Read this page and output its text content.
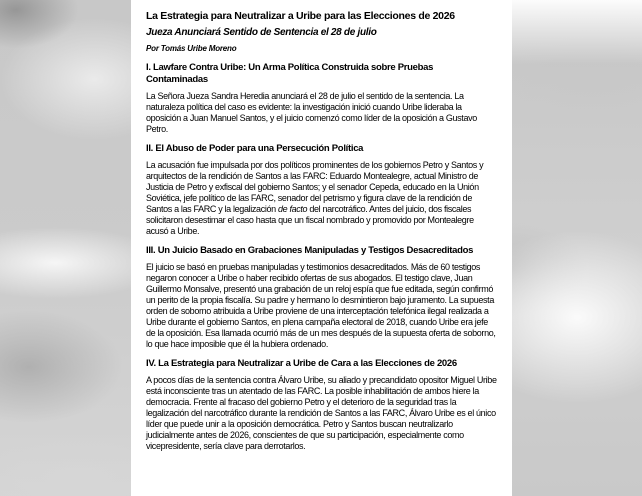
La Estrategia para Neutralizar a Uribe para las Elecciones de 2026

Jueza Anunciará Sentido de Sentencia el 28 de julio

Por Tomás Uribe Moreno

I. Lawfare Contra Uribe: Un Arma Política Construida sobre Pruebas Contaminadas

La Señora Jueza Sandra Heredia anunciará el 28 de julio el sentido de la sentencia. La naturaleza política del caso es evidente: la investigación inició cuando Uribe lideraba la oposición a Juan Manuel Santos, y el juicio comenzó como líder de la oposición a Gustavo Petro.

II. El Abuso de Poder para una Persecución Política

La acusación fue impulsada por dos políticos prominentes de los gobiernos Petro y Santos y arquitectos de la rendición de Santos a las FARC: Eduardo Montealegre, actual Ministro de Justicia de Petro y exfiscal del gobierno Santos; y el senador Cepeda, educado en la Unión Soviética, jefe político de las FARC, senador del petrismo y figura clave de la rendición de Santos a las FARC y la legalización de facto del narcotráfico. Antes del juicio, dos fiscales solicitaron desestimar el caso hasta que un fiscal nombrado y promovido por Montealegre acusó a Uribe.

III. Un Juicio Basado en Grabaciones Manipuladas y Testigos Desacreditados

El juicio se basó en pruebas manipuladas y testimonios desacreditados. Más de 60 testigos negaron conocer a Uribe o haber recibido ofertas de sus abogados. El testigo clave, Juan Guillermo Monsalve, presentó una grabación de un reloj espía que fue editada, según confirmó un perito de la propia fiscalía. Su padre y hermano lo desmintieron bajo juramento. La supuesta orden de soborno atribuida a Uribe proviene de una interceptación telefónica ilegal realizada a Uribe durante el gobierno Santos, en plena campaña electoral de 2018, cuando Uribe era jefe de la oposición. Esa llamada ocurrió más de un mes después de la supuesta oferta de soborno, lo que hace imposible que él la hubiera ordenado.

IV. La Estrategia para Neutralizar a Uribe de Cara a las Elecciones de 2026

A pocos días de la sentencia contra Álvaro Uribe, su aliado y precandidato opositor Miguel Uribe está inconsciente tras un atentado de las FARC. La posible inhabilitación de ambos hiere la democracia. Frente al fracaso del gobierno Petro y el deterioro de la seguridad tras la legalización del narcotráfico durante la rendición de Santos a las FARC, Álvaro Uribe es el único líder que puede unir a la oposición democrática. Petro y Santos buscan neutralizarlo judicialmente antes de 2026, conscientes de que su participación, especialmente como vicepresidente, sería clave para derrotarlos.
